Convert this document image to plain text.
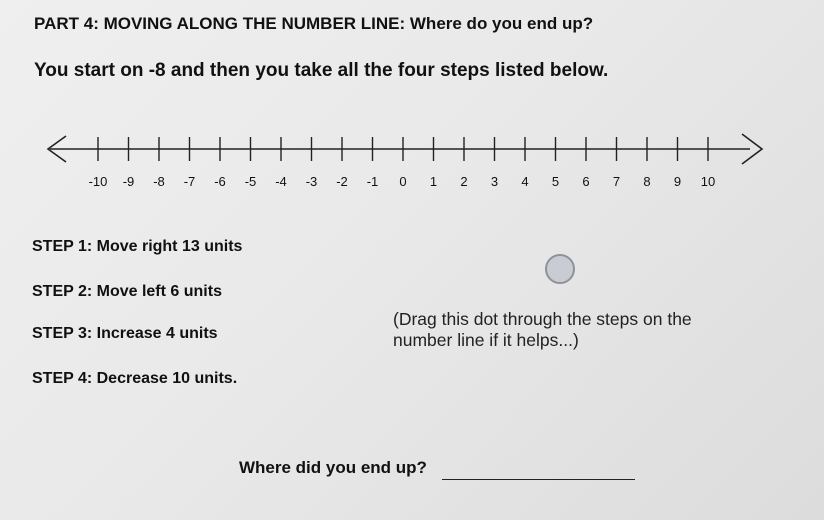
PART 4: MOVING ALONG THE NUMBER LINE: Where do you end up?
You start on -8 and then you take all the four steps listed below.
-10 -9 -8 -7 -6 -5 -4 -3 -2 -1 0 1 2 3 4 5 6 7 8 9 10
STEP 1: Move right 13 units
STEP 2: Move left 6 units
STEP 3: Increase 4 units
STEP 4: Decrease 10 units.
(Drag this dot through the steps on the
number line if it helps...)
Where did you end up?
